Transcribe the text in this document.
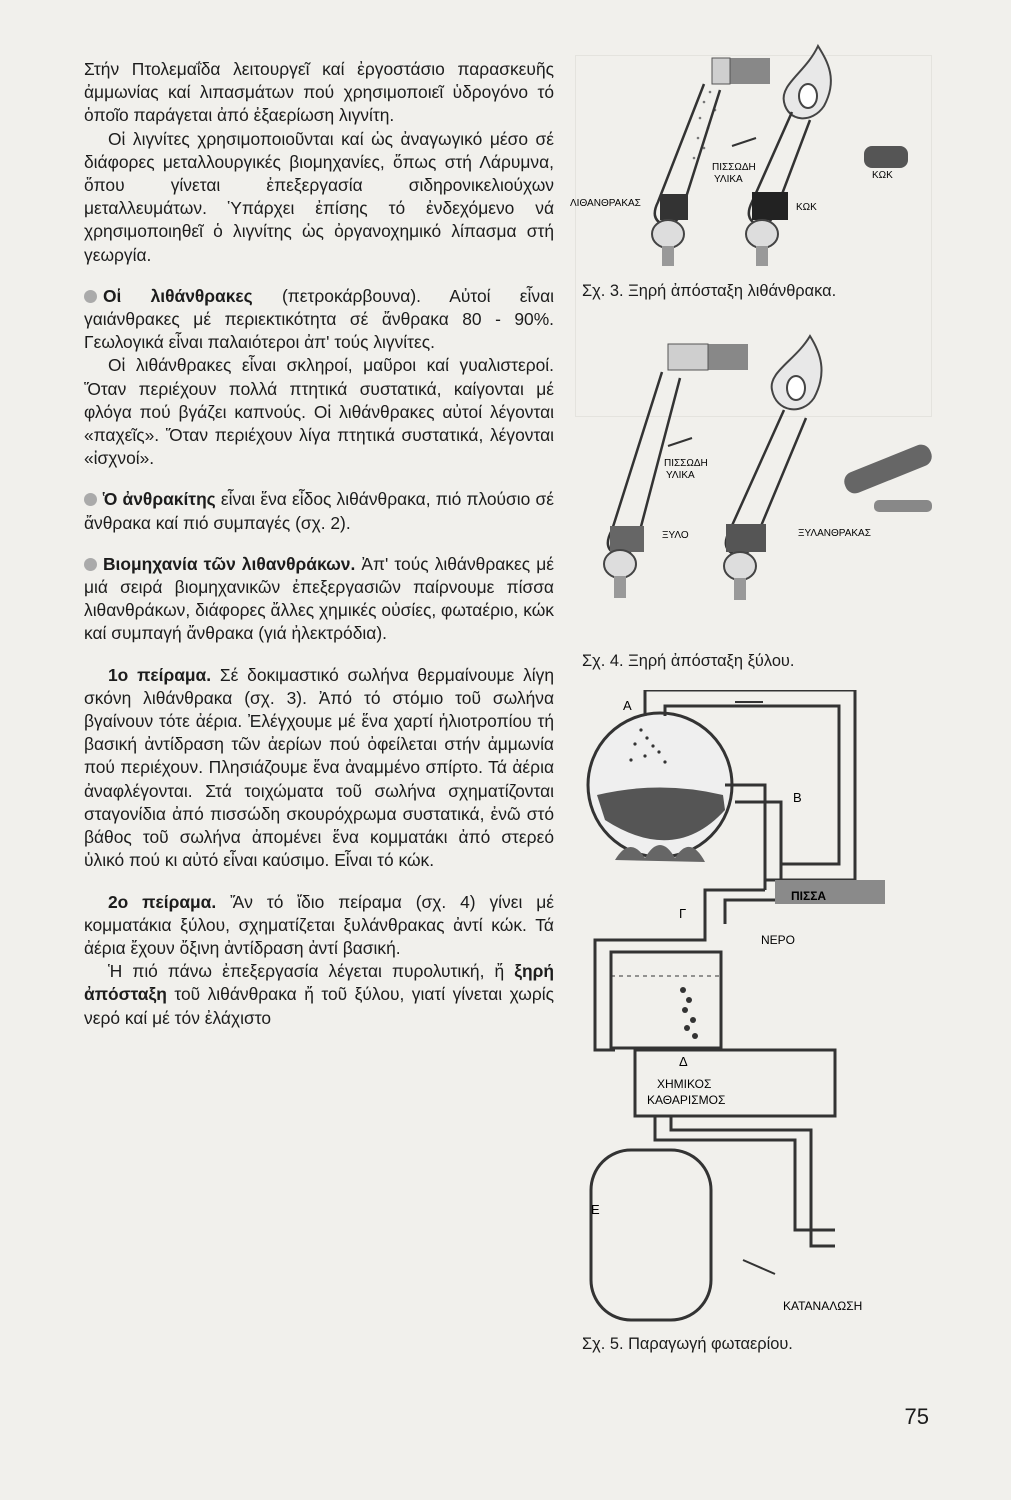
Στήν Πτολεμαΐδα λειτουργεῖ καί ἐργοστάσιο παρασκευῆς ἀμμωνίας καί λιπασμάτων πού χρησιμοποιεῖ ὑδρογόνο τό ὁποῖο παράγεται ἀπό ἐξαερίωση λιγνίτη.

Οἱ λιγνίτες χρησιμοποιοῦνται καί ὡς ἀναγωγικό μέσο σέ διάφορες μεταλλουργικές βιομηχανίες, ὅπως στή Λάρυμνα, ὅπου γίνεται ἐπεξεργασία σιδηρονικελιούχων μεταλλευμάτων. Ὑπάρχει ἐπίσης τό ἐνδεχόμενο νά χρησιμοποιηθεῖ ὁ λιγνίτης ὡς ὀργανοχημικό λίπασμα στή γεωργία.

Οἱ λιθάνθρακες (πετροκάρβουνα). Αὐτοί εἶναι γαιάνθρακες μέ περιεκτικότητα σέ ἄνθρακα 80 - 90%. Γεωλογικά εἶναι παλαιότεροι ἀπ' τούς λιγνίτες.

Οἱ λιθάνθρακες εἶναι σκληροί, μαῦροι καί γυαλιστεροί. Ὅταν περιέχουν πολλά πτητικά συστατικά, καίγονται μέ φλόγα πού βγάζει καπνούς. Οἱ λιθάνθρακες αὐτοί λέγονται «παχεῖς». Ὅταν περιέχουν λίγα πτητικά συστατικά, λέγονται «ἰσχνοί».

Ὁ ἀνθρακίτης εἶναι ἕνα εἶδος λιθάνθρακα, πιό πλούσιο σέ ἄνθρακα καί πιό συμπαγές (σχ. 2).

Βιομηχανία τῶν λιθανθράκων. Ἀπ' τούς λιθάνθρακες μέ μιά σειρά βιομηχανικῶν ἐπεξεργασιῶν παίρνουμε πίσσα λιθανθράκων, διάφορες ἄλλες χημικές οὐσίες, φωταέριο, κώκ καί συμπαγή ἄνθρακα (γιά ἠλεκτρόδια).

1ο πείραμα. Σέ δοκιμαστικό σωλήνα θερμαίνουμε λίγη σκόνη λιθάνθρακα (σχ. 3). Ἀπό τό στόμιο τοῦ σωλήνα βγαίνουν τότε ἀέρια. Ἐλέγχουμε μέ ἕνα χαρτί ἡλιοτροπίου τή βασική ἀντίδραση τῶν ἀερίων πού ὀφείλεται στήν ἀμμωνία πού περιέχουν. Πλησιάζουμε ἕνα ἀναμμένο σπίρτο. Τά ἀέρια ἀναφλέγονται. Στά τοιχώματα τοῦ σωλήνα σχηματίζονται σταγονίδια ἀπό πισσώδη σκουρόχρωμα συστατικά, ἐνῶ στό βάθος τοῦ σωλήνα ἀπομένει ἕνα κομματάκι ἀπό στερεό ὑλικό πού κι αὐτό εἶναι καύσιμο. Εἶναι τό κώκ.

2ο πείραμα. Ἄν τό ἴδιο πείραμα (σχ. 4) γίνει μέ κομματάκια ξύλου, σχηματίζεται ξυλάνθρακας ἀντί κώκ. Τά ἀέρια ἔχουν ὄξινη ἀντίδραση ἀντί βασική.

Ἡ πιό πάνω ἐπεξεργασία λέγεται πυρολυτική, ἤ ξηρή ἀπόσταξη τοῦ λιθάνθρακα ἤ τοῦ ξύλου, γιατί γίνεται χωρίς νερό καί μέ τόν ἐλάχιστο

ΠΙΣΣΩΔΗ
ΥΛΙΚΑ
ΛΙΘΑΝΘΡΑΚΑΣ	ΚΩΚ
ΚΩΚ
Σχ. 3. Ξηρή ἀπόσταξη λιθάνθρακα.
ΠΙΣΣΩΔΗ
ΥΛΙΚΑ
ΞΥΛΟ	ΞΥΛΑΝΘΡΑΚΑΣ
Σχ. 4. Ξηρή ἀπόσταξη ξύλου.
Α
Β
Γ
Δ
Ε
ΠΙΣΣΑ
ΝΕΡΟ
ΧΗΜΙΚΟΣ
ΚΑΘΑΡΙΣΜΟΣ
ΚΑΤΑΝΑΛΩΣΗ
Σχ. 5. Παραγωγή φωταερίου.
75
